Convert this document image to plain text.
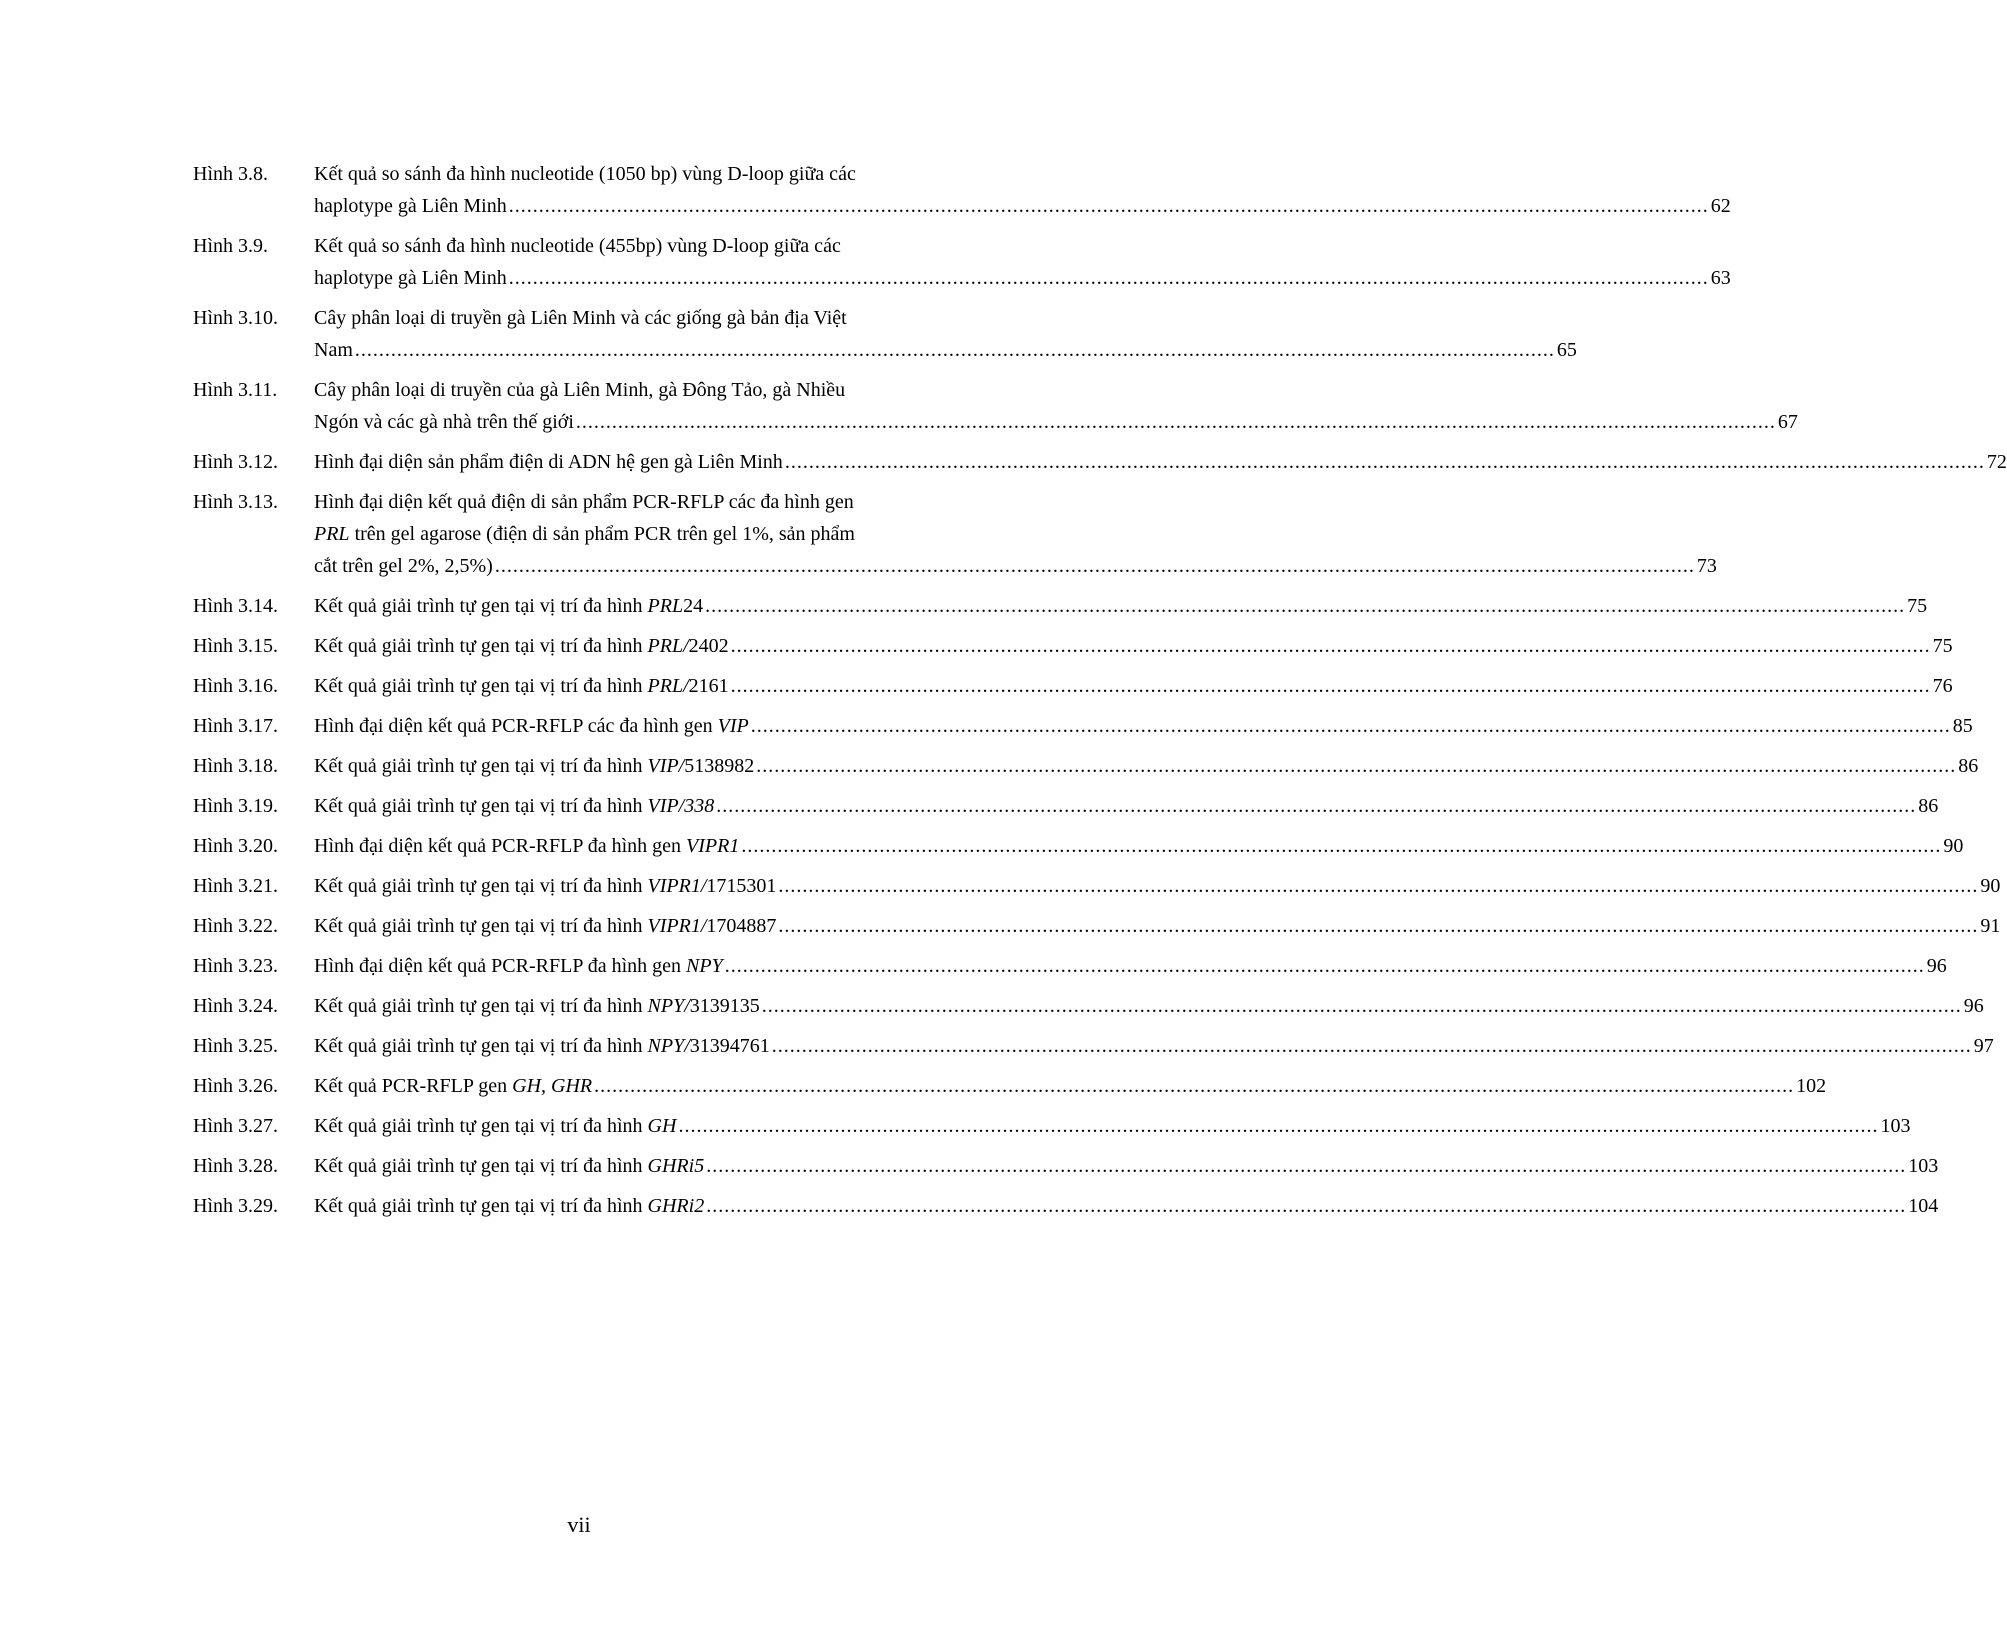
Hình 3.8.	Kết quả so sánh đa hình nucleotide (1050 bp) vùng D-loop giữa các
haplotype gà Liên Minh .....	62
Hình 3.9.	Kết quả so sánh đa hình nucleotide (455bp) vùng D-loop giữa các
haplotype gà Liên Minh .....	63
Hình 3.10.	Cây phân loại di truyền gà Liên Minh và các giống gà bản địa Việt
Nam .....	65
Hình 3.11.	Cây phân loại di truyền của gà Liên Minh, gà Đông Tảo, gà Nhiều
Ngón và các gà nhà trên thế giới .....	67
Hình 3.12.	Hình đại diện sản phẩm điện di ADN hệ gen gà Liên Minh .....	72
Hình 3.13.	Hình đại diện kết quả điện di sản phẩm PCR-RFLP các đa hình gen
PRL trên gel agarose (điện di sản phẩm PCR trên gel 1%, sản phẩm
cắt trên gel 2%, 2,5%) .....	73
Hình 3.14.	Kết quả giải trình tự gen tại vị trí đa hình PRL24 .....	75
Hình 3.15.	Kết quả giải trình tự gen tại vị trí đa hình PRL/2402 .....	75
Hình 3.16.	Kết quả giải trình tự gen tại vị trí đa hình PRL/2161 .....	76
Hình 3.17.	Hình đại diện kết quả PCR-RFLP các đa hình gen VIP .....	85
Hình 3.18.	Kết quả giải trình tự gen tại vị trí đa hình VIP/5138982 .....	86
Hình 3.19.	Kết quả giải trình tự gen tại vị trí đa hình VIP/338 .....	86
Hình 3.20.	Hình đại diện kết quả PCR-RFLP đa hình gen VIPR1 .....	90
Hình 3.21.	Kết quả giải trình tự gen tại vị trí đa hình VIPR1/1715301 .....	90
Hình 3.22.	Kết quả giải trình tự gen tại vị trí đa hình VIPR1/1704887 .....	91
Hình 3.23.	Hình đại diện kết quả PCR-RFLP đa hình gen NPY .....	96
Hình 3.24.	Kết quả giải trình tự gen tại vị trí đa hình NPY/3139135 .....	96
Hình 3.25.	Kết quả giải trình tự gen tại vị trí đa hình NPY/31394761 .....	97
Hình 3.26.	Kết quả PCR-RFLP gen GH, GHR .....	102
Hình 3.27.	Kết quả giải trình tự gen tại vị trí đa hình GH .....	103
Hình 3.28.	Kết quả giải trình tự gen tại vị trí đa hình GHRi5 .....	103
Hình 3.29.	Kết quả giải trình tự gen tại vị trí đa hình GHRi2 .....	104
vii
